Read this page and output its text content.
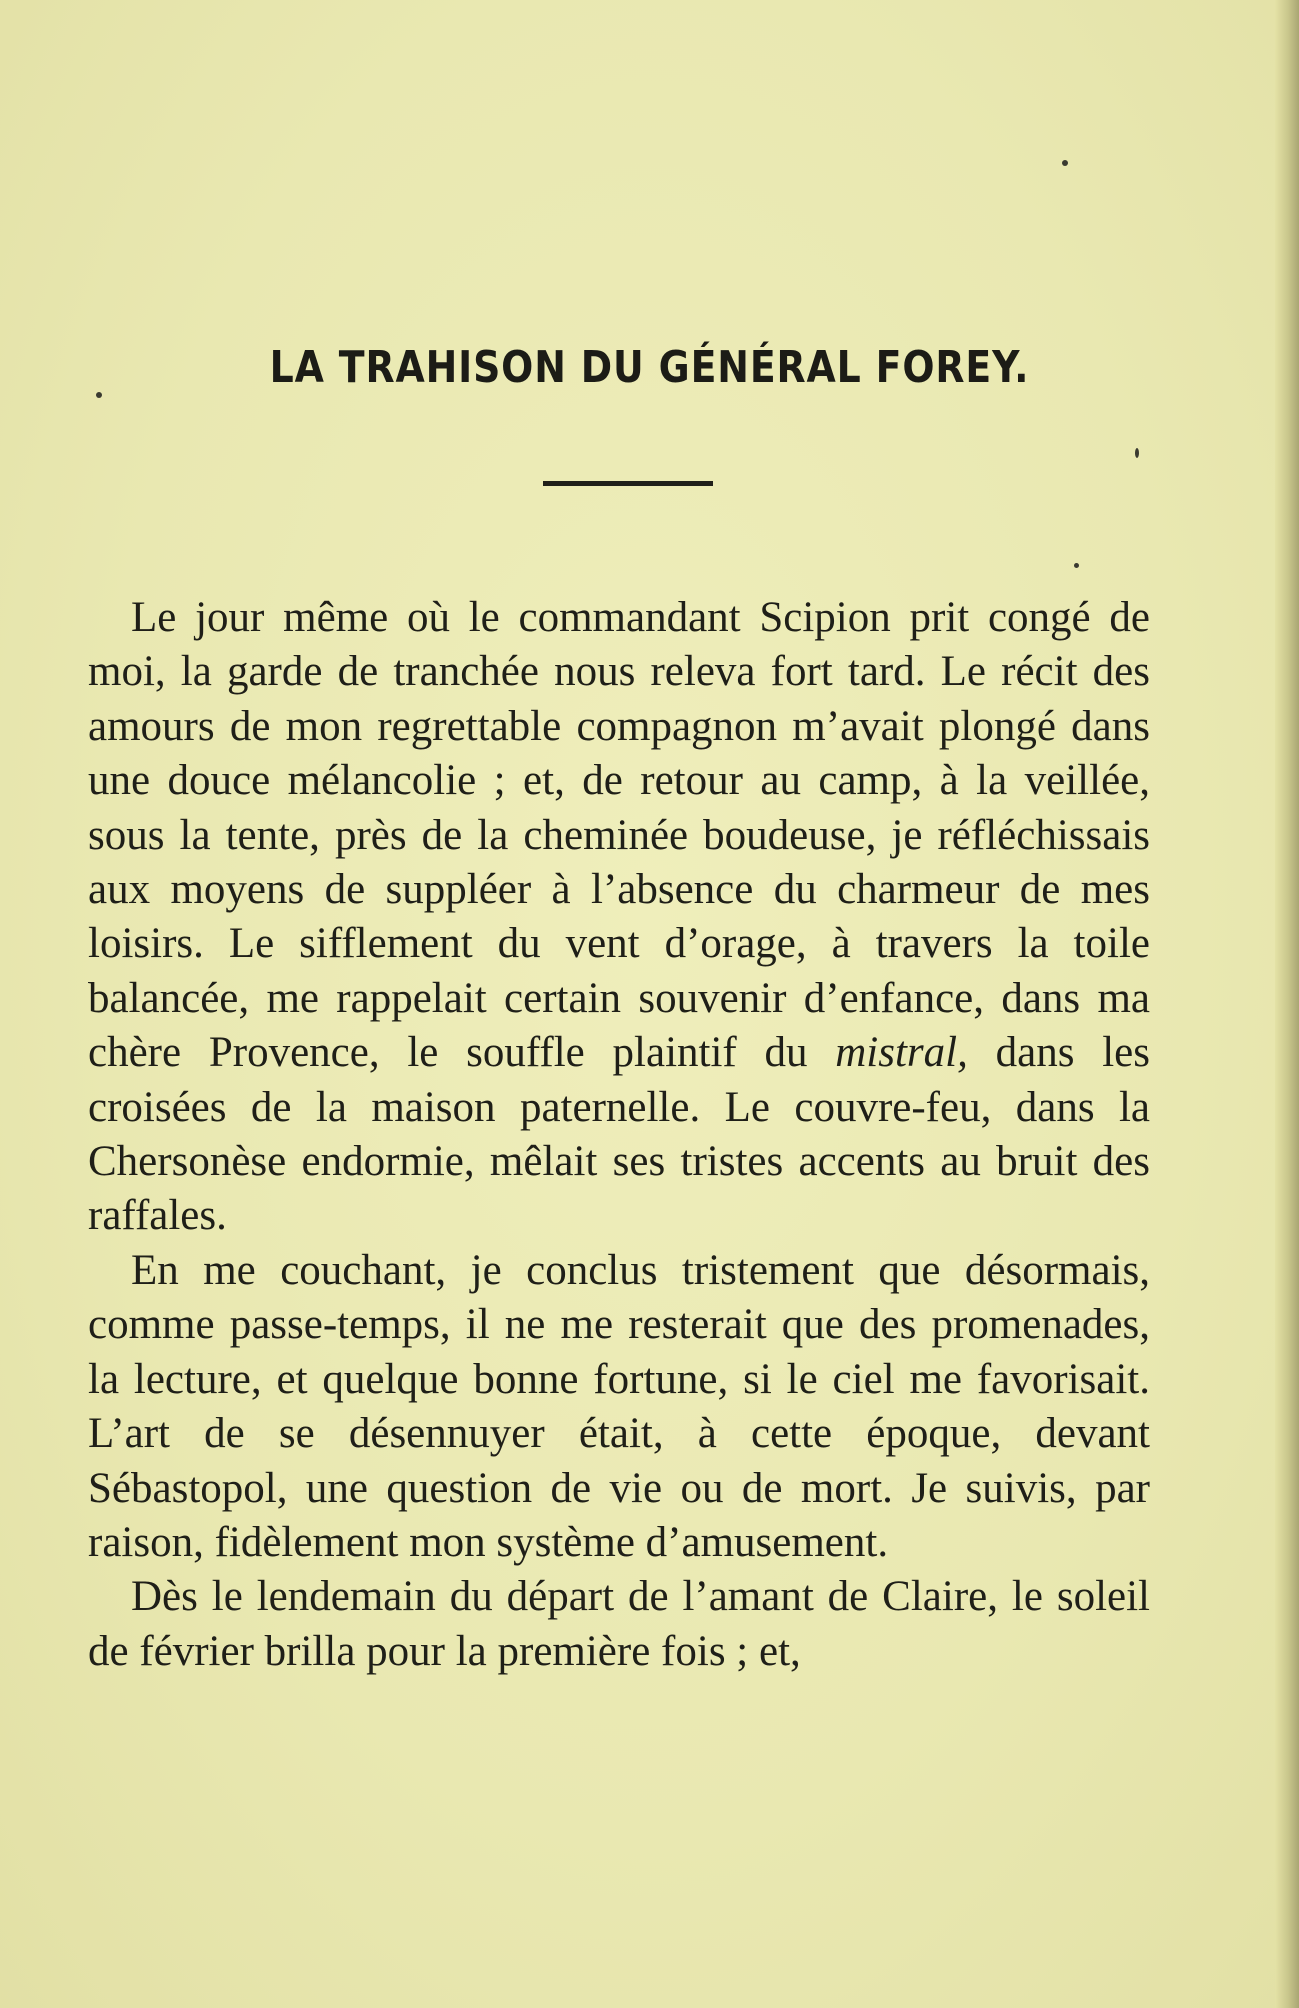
LA TRAHISON DU GÉNÉRAL FOREY.

Le jour même où le commandant Scipion prit congé de moi, la garde de tranchée nous releva fort tard. Le récit des amours de mon regrettable compagnon m’avait plongé dans une douce mélancolie ; et, de retour au camp, à la veillée, sous la tente, près de la cheminée boudeuse, je réfléchissais aux moyens de suppléer à l’absence du charmeur de mes loisirs. Le sifflement du vent d’orage, à travers la toile balancée, me rappelait certain souvenir d’enfance, dans ma chère Provence, le souffle plaintif du mistral, dans les croisées de la maison paternelle. Le couvre-feu, dans la Chersonèse endormie, mêlait ses tristes accents au bruit des raffales.

En me couchant, je conclus tristement que désormais, comme passe-temps, il ne me resterait que des promenades, la lecture, et quelque bonne fortune, si le ciel me favorisait. L’art de se désennuyer était, à cette époque, devant Sébastopol, une question de vie ou de mort. Je suivis, par raison, fidèlement mon système d’amusement.

Dès le lendemain du départ de l’amant de Claire, le soleil de février brilla pour la première fois ; et,
